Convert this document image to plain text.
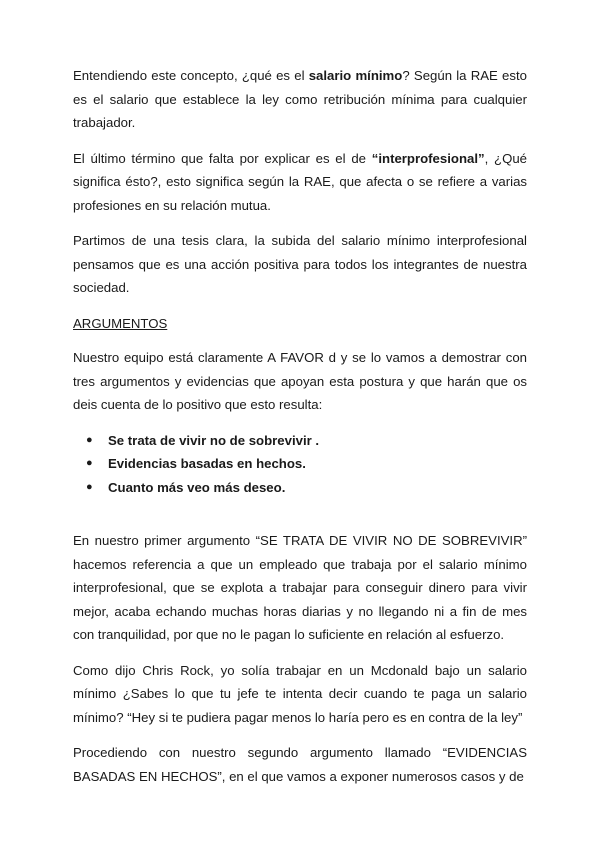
Entendiendo este concepto, ¿qué es el salario mínimo? Según la RAE esto es el salario que establece la ley como retribución mínima para cualquier trabajador.

El último término que falta por explicar es el de “interprofesional”, ¿Qué significa ésto?, esto significa según la RAE, que afecta o se refiere a varias profesiones en su relación mutua.

Partimos de una tesis clara, la subida del salario mínimo interprofesional pensamos que es una acción positiva para todos los integrantes de nuestra sociedad.

ARGUMENTOS

Nuestro equipo está claramente A FAVOR d y se lo vamos a demostrar con tres argumentos y evidencias que apoyan esta postura y que harán que os deis cuenta de lo positivo que esto resulta:

● Se trata de vivir no de sobrevivir .
● Evidencias basadas en hechos.
● Cuanto más veo más deseo.

En nuestro primer argumento “SE TRATA DE VIVIR NO DE SOBREVIVIR” hacemos referencia a que un empleado que trabaja por el salario mínimo interprofesional, que se explota a trabajar para conseguir dinero para vivir mejor, acaba echando muchas horas diarias y no llegando ni a fin de mes con tranquilidad, por que no le pagan lo suficiente en relación al esfuerzo.

Como dijo Chris Rock, yo solía trabajar en un Mcdonald bajo un salario mínimo ¿Sabes lo que tu jefe te intenta decir cuando te paga un salario mínimo? “Hey si te pudiera pagar menos lo haría pero es en contra de la ley”

Procediendo con nuestro segundo argumento llamado “EVIDENCIAS BASADAS EN HECHOS”, en el que vamos a exponer numerosos casos y de
